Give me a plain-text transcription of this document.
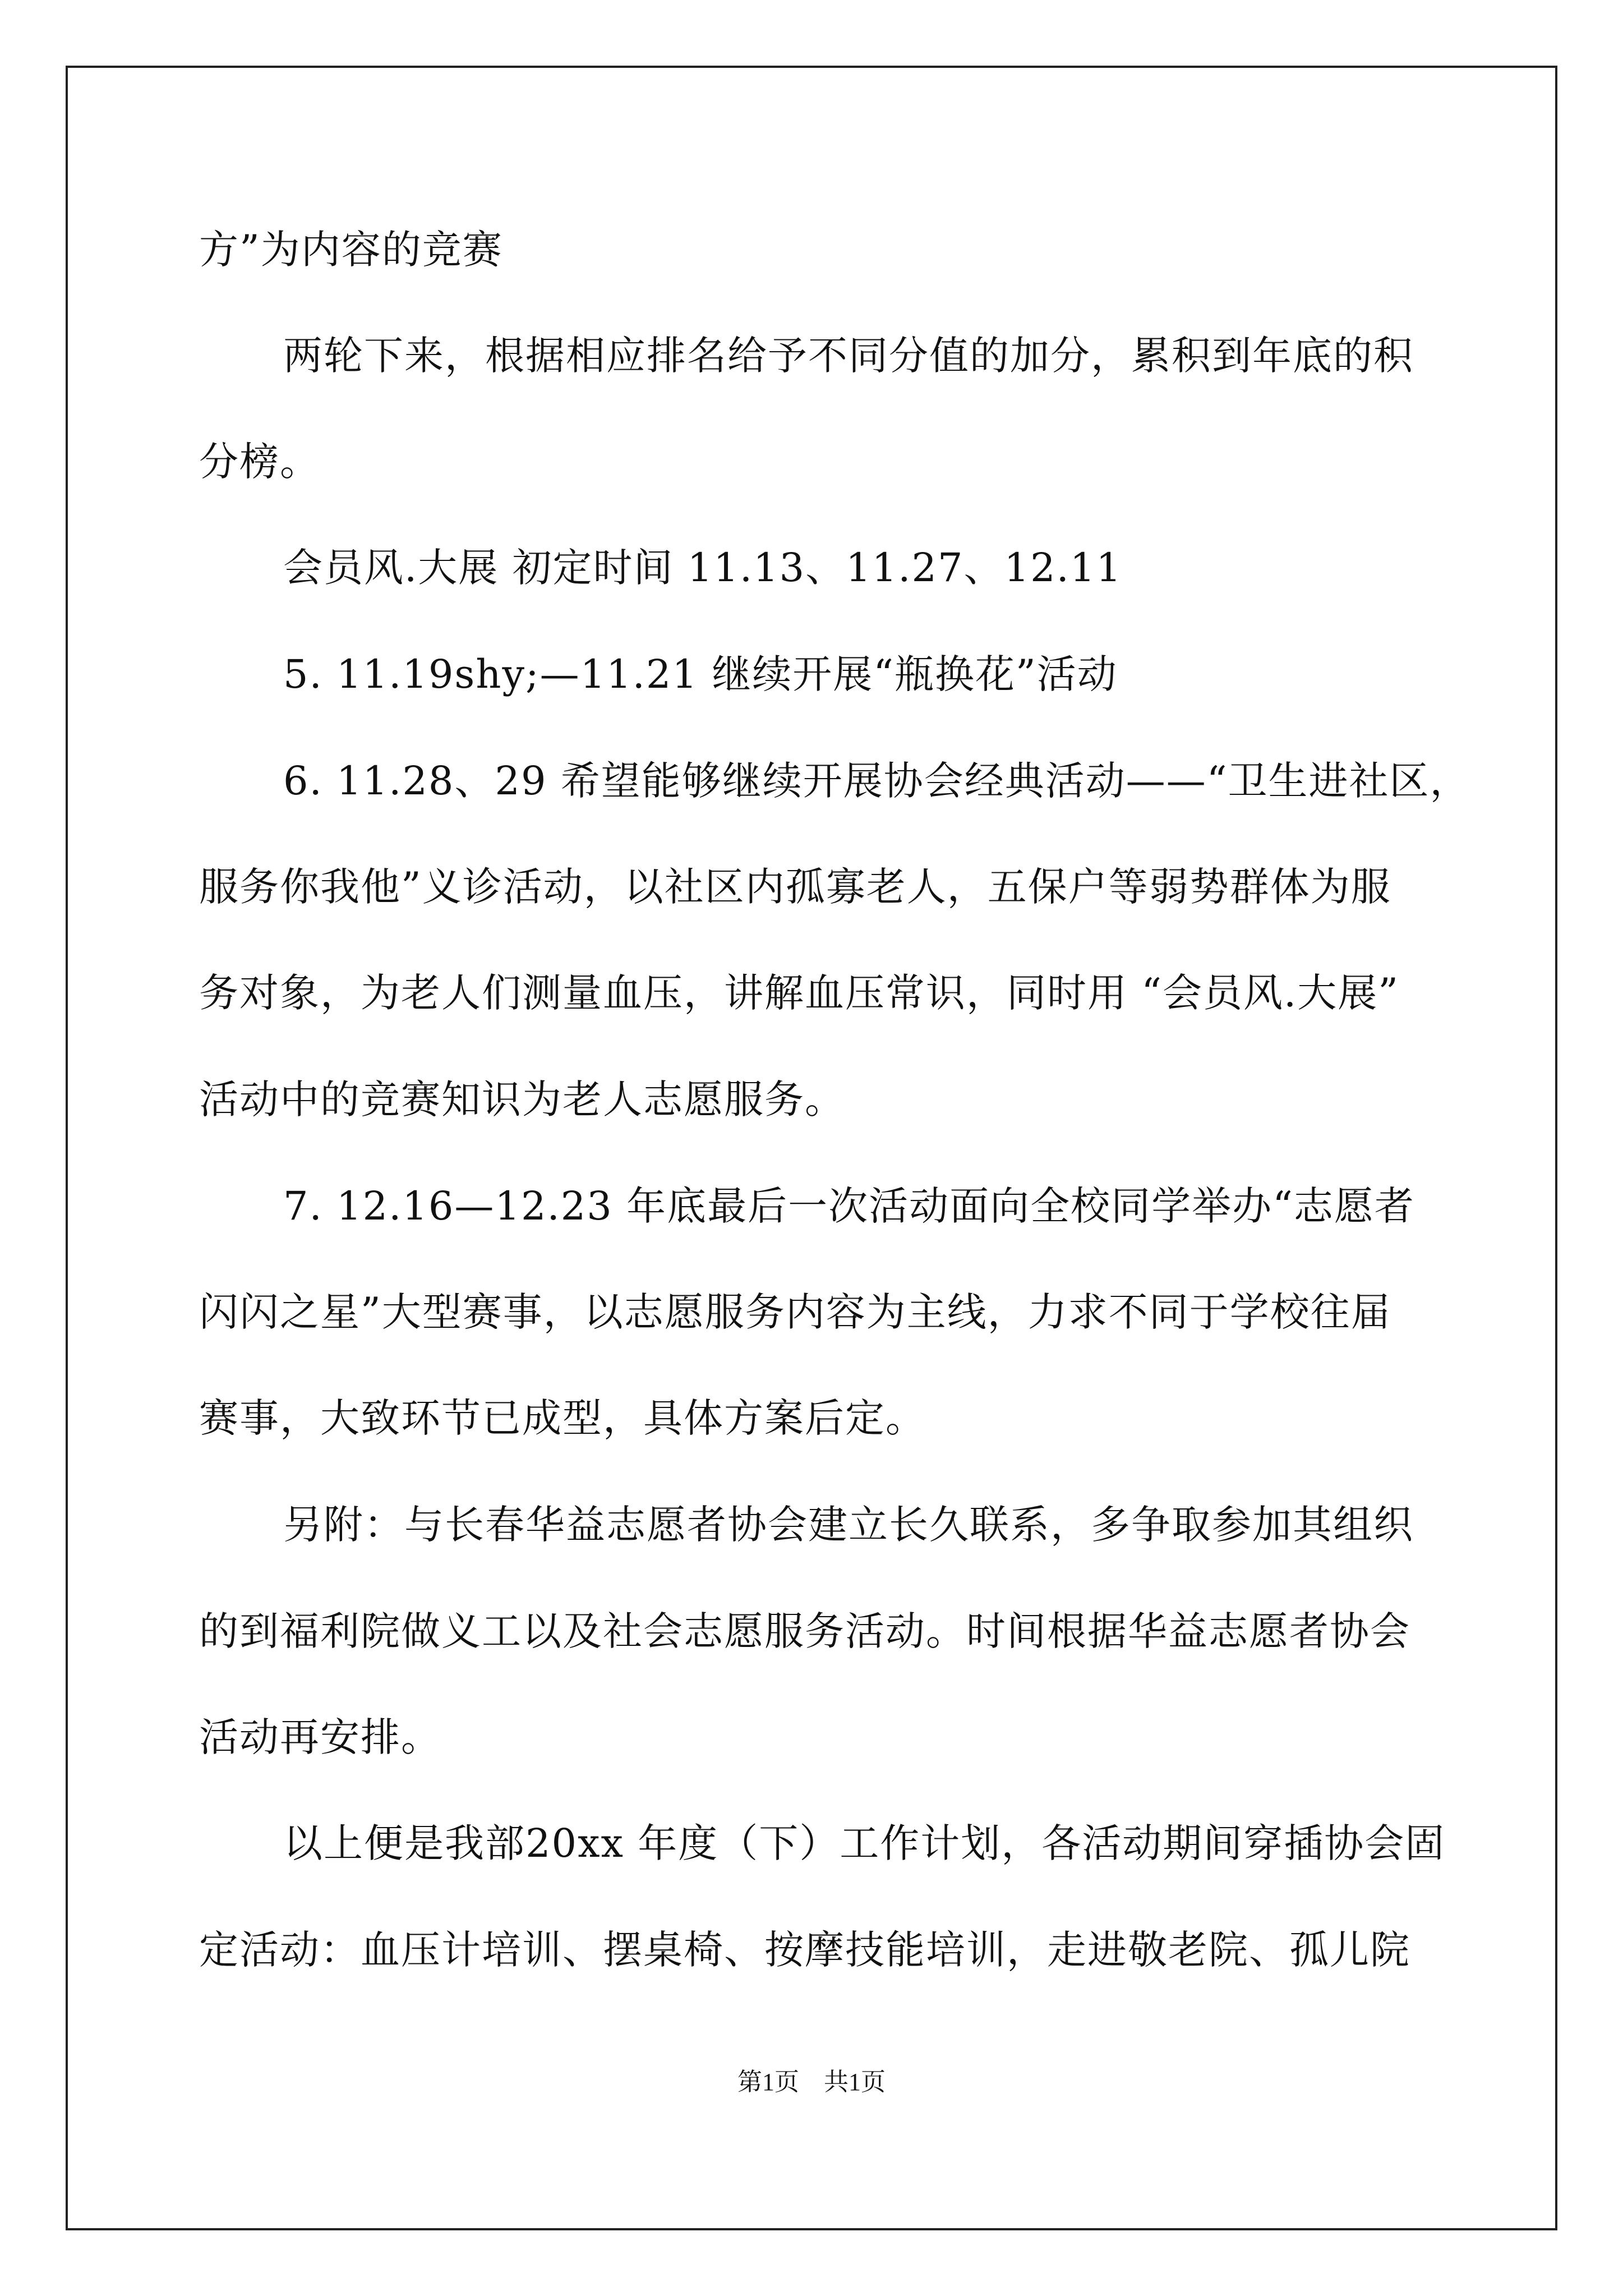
方”为内容的竞赛
两轮下来，根据相应排名给予不同分值的加分，累积到年底的积
分榜。
会员风.大展 初定时间 11.13、11.27、12.11
5. 11.19shy;—11.21 继续开展“瓶换花”活动
6. 11.28、29 希望能够继续开展协会经典活动——“卫生进社区，
服务你我他”义诊活动，以社区内孤寡老人，五保户等弱势群体为服
务对象，为老人们测量血压，讲解血压常识，同时用 “会员风.大展”
活动中的竞赛知识为老人志愿服务。
7. 12.16—12.23 年底最后一次活动面向全校同学举办“志愿者
闪闪之星”大型赛事，以志愿服务内容为主线，力求不同于学校往届
赛事，大致环节已成型，具体方案后定。
另附：与长春华益志愿者协会建立长久联系，多争取参加其组织
的到福利院做义工以及社会志愿服务活动。时间根据华益志愿者协会
活动再安排。
以上便是我部20xx 年度（下）工作计划，各活动期间穿插协会固
定活动：血压计培训、摆桌椅、按摩技能培训，走进敬老院、孤儿院
第1页　共1页
